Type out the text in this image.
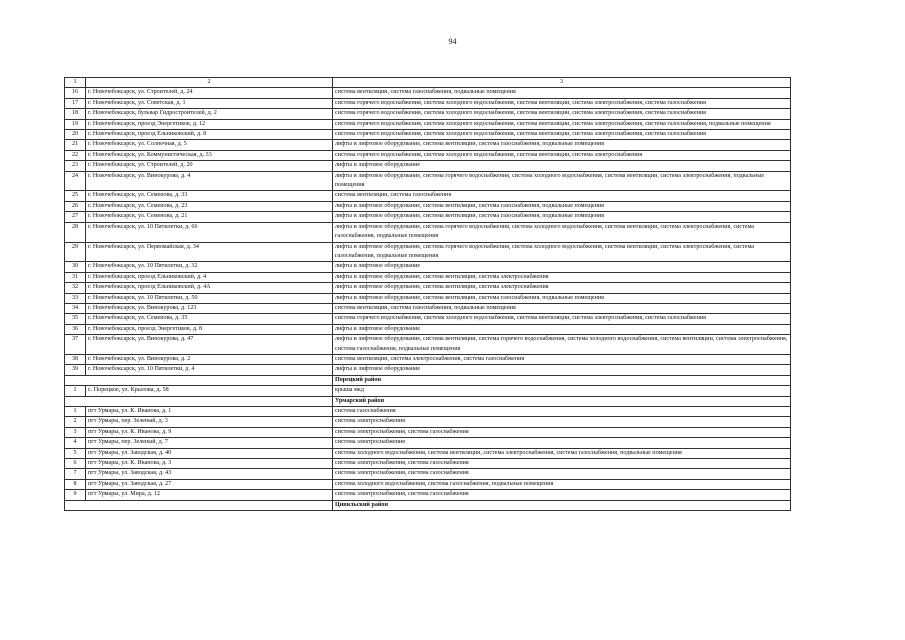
94
1	2	3
16	г. Новочебоксарск, ул. Строителей, д. 24	система вентиляции, система газоснабжения, подвальные помещения
17	г. Новочебоксарск, ул. Советская, д. 1	система горячего водоснабжения, система холодного водоснабжения, система вентиляции, система электроснабжения, система газоснабжения
18	г. Новочебоксарск, бульвар Гидростроителей, д. 2	система горячего водоснабжения, система холодного водоснабжения, система вентиляции, система электроснабжения, система газоснабжения
19	г. Новочебоксарск, проезд Энергетиков, д. 12	система горячего водоснабжения, система холодного водоснабжения, система вентиляции, система электроснабжения, система газоснабжения, подвальные помещения
20	г. Новочебоксарск, проезд Ельниковский, д. 8	система горячего водоснабжения, система холодного водоснабжения, система вентиляции, система электроснабжения, система газоснабжения
21	г. Новочебоксарск, ул. Солнечная, д. 5	лифты и лифтовое оборудование, система вентиляции, система газоснабжения, подвальные помещения
22	г. Новочебоксарск, ул. Коммунистическая, д. 33	система горячего водоснабжения, система холодного водоснабжения, система вентиляции, система электроснабжения
23	г. Новочебоксарск, ул. Строителей, д. 20	лифты и лифтовое оборудование
24	г. Новочебоксарск, ул. Винокурова, д. 4	лифты и лифтовое оборудование, система горячего водоснабжения, система холодного водоснабжения, система вентиляции, система электроснабжения, подвальные помещения
25	г. Новочебоксарск, ул. Семенова, д. 33	система вентиляции, система газоснабжения
26	г. Новочебоксарск, ул. Семенова, д. 23	лифты и лифтовое оборудование, система вентиляции, система газоснабжения, подвальные помещения
27	г. Новочебоксарск, ул. Семенова, д. 21	лифты и лифтовое оборудование, система вентиляции, система газоснабжения, подвальные помещения
28	г. Новочебоксарск, ул. 10 Пятилетки, д. 66	лифты и лифтовое оборудование, система горячего водоснабжения, система холодного водоснабжения, система вентиляции, система электроснабжения, система газоснабжения, подвальные помещения
29	г. Новочебоксарск, ул. Первомайская, д. 34	лифты и лифтовое оборудование, система горячего водоснабжения, система холодного водоснабжения, система вентиляции, система электроснабжения, система газоснабжения, подвальные помещения
30	г. Новочебоксарск, ул. 10 Пятилетки, д. 32	лифты и лифтовое оборудование
31	г. Новочебоксарск, проезд Ельниковский, д. 4	лифты и лифтовое оборудование, система вентиляции, система электроснабжения
32	г. Новочебоксарск, проезд Ельниковский, д. 4А	лифты и лифтовое оборудование, система вентиляции, система электроснабжения
33	г. Новочебоксарск, ул. 10 Пятилетки, д. 50	лифты и лифтовое оборудование, система вентиляции, система газоснабжения, подвальные помещения
34	г. Новочебоксарск, ул. Винокурова, д. 123	система вентиляции, система газоснабжения, подвальные помещения
35	г. Новочебоксарск, ул. Семенова, д. 35	система горячего водоснабжения, система холодного водоснабжения, система вентиляции, система электроснабжения, система газоснабжения
36	г. Новочебоксарск, проезд Энергетиков, д. 8	лифты и лифтовое оборудование
37	г. Новочебоксарск, ул. Винокурова, д. 47	лифты и лифтовое оборудование, система вентиляции, система горячего водоснабжения, система холодного водоснабжения, система вентиляции, система электроснабжения, система газоснабжения, подвальные помещения
38	г. Новочебоксарск, ул. Винокурова, д. 2	система вентиляции, система электроснабжения, система газоснабжения
39	г. Новочебоксарск, ул. 10 Пятилетки, д. 4	лифты и лифтовое оборудование
		Порецкий район
1	с. Порецкое, ул. Крылова, д. 58	крыша мкд
		Урмарский район
1	пгт Урмары, ул. К. Иванова, д. 1	система газоснабжения
2	пгт Урмары, пер. Зеленый, д. 3	система электроснабжения
3	пгт Урмары, ул. К. Иванова, д. 9	система электроснабжения, система газоснабжения
4	пгт Урмары, пер. Зеленый, д. 7	система электроснабжения
5	пгт Урмары, ул. Заводская, д. 40	система холодного водоснабжения, система вентиляции, система электроснабжения, система газоснабжения, подвальные помещения
6	пгт Урмары, ул. К. Иванова, д. 3	система электроснабжения, система газоснабжения
7	пгт Урмары, ул. Заводская, д. 43	система электроснабжения, система газоснабжения
8	пгт Урмары, ул. Заводская, д. 27	система холодного водоснабжения, система газоснабжения, подвальные помещения
9	пгт Урмары, ул. Мира, д. 12	система электроснабжения, система газоснабжения
		Цивильский район
